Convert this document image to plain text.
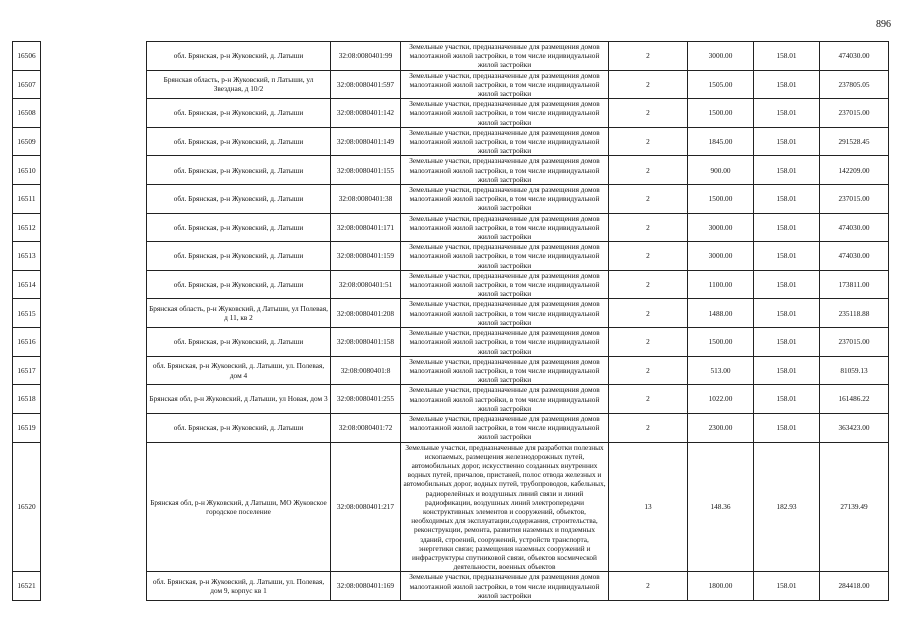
896
16506		обл. Брянская, р-н Жуковский, д. Латыши	32:08:0080401:99	Земельные участки, предназначенные для размещения домов малоэтажной жилой застройки, в том числе индивидуальной жилой застройки	2	3000.00	158.01	474030.00
16507		Брянская область, р-н Жуковский, п Латыши, ул Звездная, д 10/2	32:08:0080401:597	Земельные участки, предназначенные для размещения домов малоэтажной жилой застройки, в том числе индивидуальной жилой застройки	2	1505.00	158.01	237805.05
16508		обл. Брянская, р-н Жуковский, д. Латыши	32:08:0080401:142	Земельные участки, предназначенные для размещения домов малоэтажной жилой застройки, в том числе индивидуальной жилой застройки	2	1500.00	158.01	237015.00
16509		обл. Брянская, р-н Жуковский, д. Латыши	32:08:0080401:149	Земельные участки, предназначенные для размещения домов малоэтажной жилой застройки, в том числе индивидуальной жилой застройки	2	1845.00	158.01	291528.45
16510		обл. Брянская, р-н Жуковский, д. Латыши	32:08:0080401:155	Земельные участки, предназначенные для размещения домов малоэтажной жилой застройки, в том числе индивидуальной жилой застройки	2	900.00	158.01	142209.00
16511		обл. Брянская, р-н Жуковский, д. Латыши	32:08:0080401:38	Земельные участки, предназначенные для размещения домов малоэтажной жилой застройки, в том числе индивидуальной жилой застройки	2	1500.00	158.01	237015.00
16512		обл. Брянская, р-н Жуковский, д. Латыши	32:08:0080401:171	Земельные участки, предназначенные для размещения домов малоэтажной жилой застройки, в том числе индивидуальной жилой застройки	2	3000.00	158.01	474030.00
16513		обл. Брянская, р-н Жуковский, д. Латыши	32:08:0080401:159	Земельные участки, предназначенные для размещения домов малоэтажной жилой застройки, в том числе индивидуальной жилой застройки	2	3000.00	158.01	474030.00
16514		обл. Брянская, р-н Жуковский, д. Латыши	32:08:0080401:51	Земельные участки, предназначенные для размещения домов малоэтажной жилой застройки, в том числе индивидуальной жилой застройки	2	1100.00	158.01	173811.00
16515		Брянская область, р-н Жуковский, д Латыши, ул Полевая, д 11, кв 2	32:08:0080401:208	Земельные участки, предназначенные для размещения домов малоэтажной жилой застройки, в том числе индивидуальной жилой застройки	2	1488.00	158.01	235118.88
16516		обл. Брянская, р-н Жуковский, д. Латыши	32:08:0080401:158	Земельные участки, предназначенные для размещения домов малоэтажной жилой застройки, в том числе индивидуальной жилой застройки	2	1500.00	158.01	237015.00
16517		обл. Брянская, р-н Жуковский, д. Латыши, ул. Полевая, дом 4	32:08:0080401:8	Земельные участки, предназначенные для размещения домов малоэтажной жилой застройки, в том числе индивидуальной жилой застройки	2	513.00	158.01	81059.13
16518		Брянская обл, р-н Жуковский, д Латыши, ул Новая, дом 3	32:08:0080401:255	Земельные участки, предназначенные для размещения домов малоэтажной жилой застройки, в том числе индивидуальной жилой застройки	2	1022.00	158.01	161486.22
16519		обл. Брянская, р-н Жуковский, д. Латыши	32:08:0080401:72	Земельные участки, предназначенные для размещения домов малоэтажной жилой застройки, в том числе индивидуальной жилой застройки	2	2300.00	158.01	363423.00
16520		Брянская обл, р-н Жуковский, д Латыши, МО Жуковское городское поселение	32:08:0080401:217	Земельные участки, предназначенные для разработки полезных ископаемых, размещения железнодорожных путей, автомобильных дорог, искусственно созданных внутренних водных путей, причалов, пристаней, полос отвода железных и автомобильных дорог, водных путей, трубопроводов, кабельных, радиорелейных и воздушных линий связи и линий радиофикации, воздушных линий электропередачи конструктивных элементов и сооружений, объектов, необходимых для эксплуатации,содержания, строительства, реконструкции, ремонта, развития наземных и подземных зданий, строений, сооружений, устройств транспорта, энергетики связи; размещения наземных сооружений и инфраструктуры спутниковой связи, объектов космической деятельности, военных объектов	13	148.36	182.93	27139.49
16521		обл. Брянская, р-н Жуковский, д. Латыши, ул. Полевая, дом 9, корпус кв 1	32:08:0080401:169	Земельные участки, предназначенные для размещения домов малоэтажной жилой застройки, в том числе индивидуальной жилой застройки	2	1800.00	158.01	284418.00
